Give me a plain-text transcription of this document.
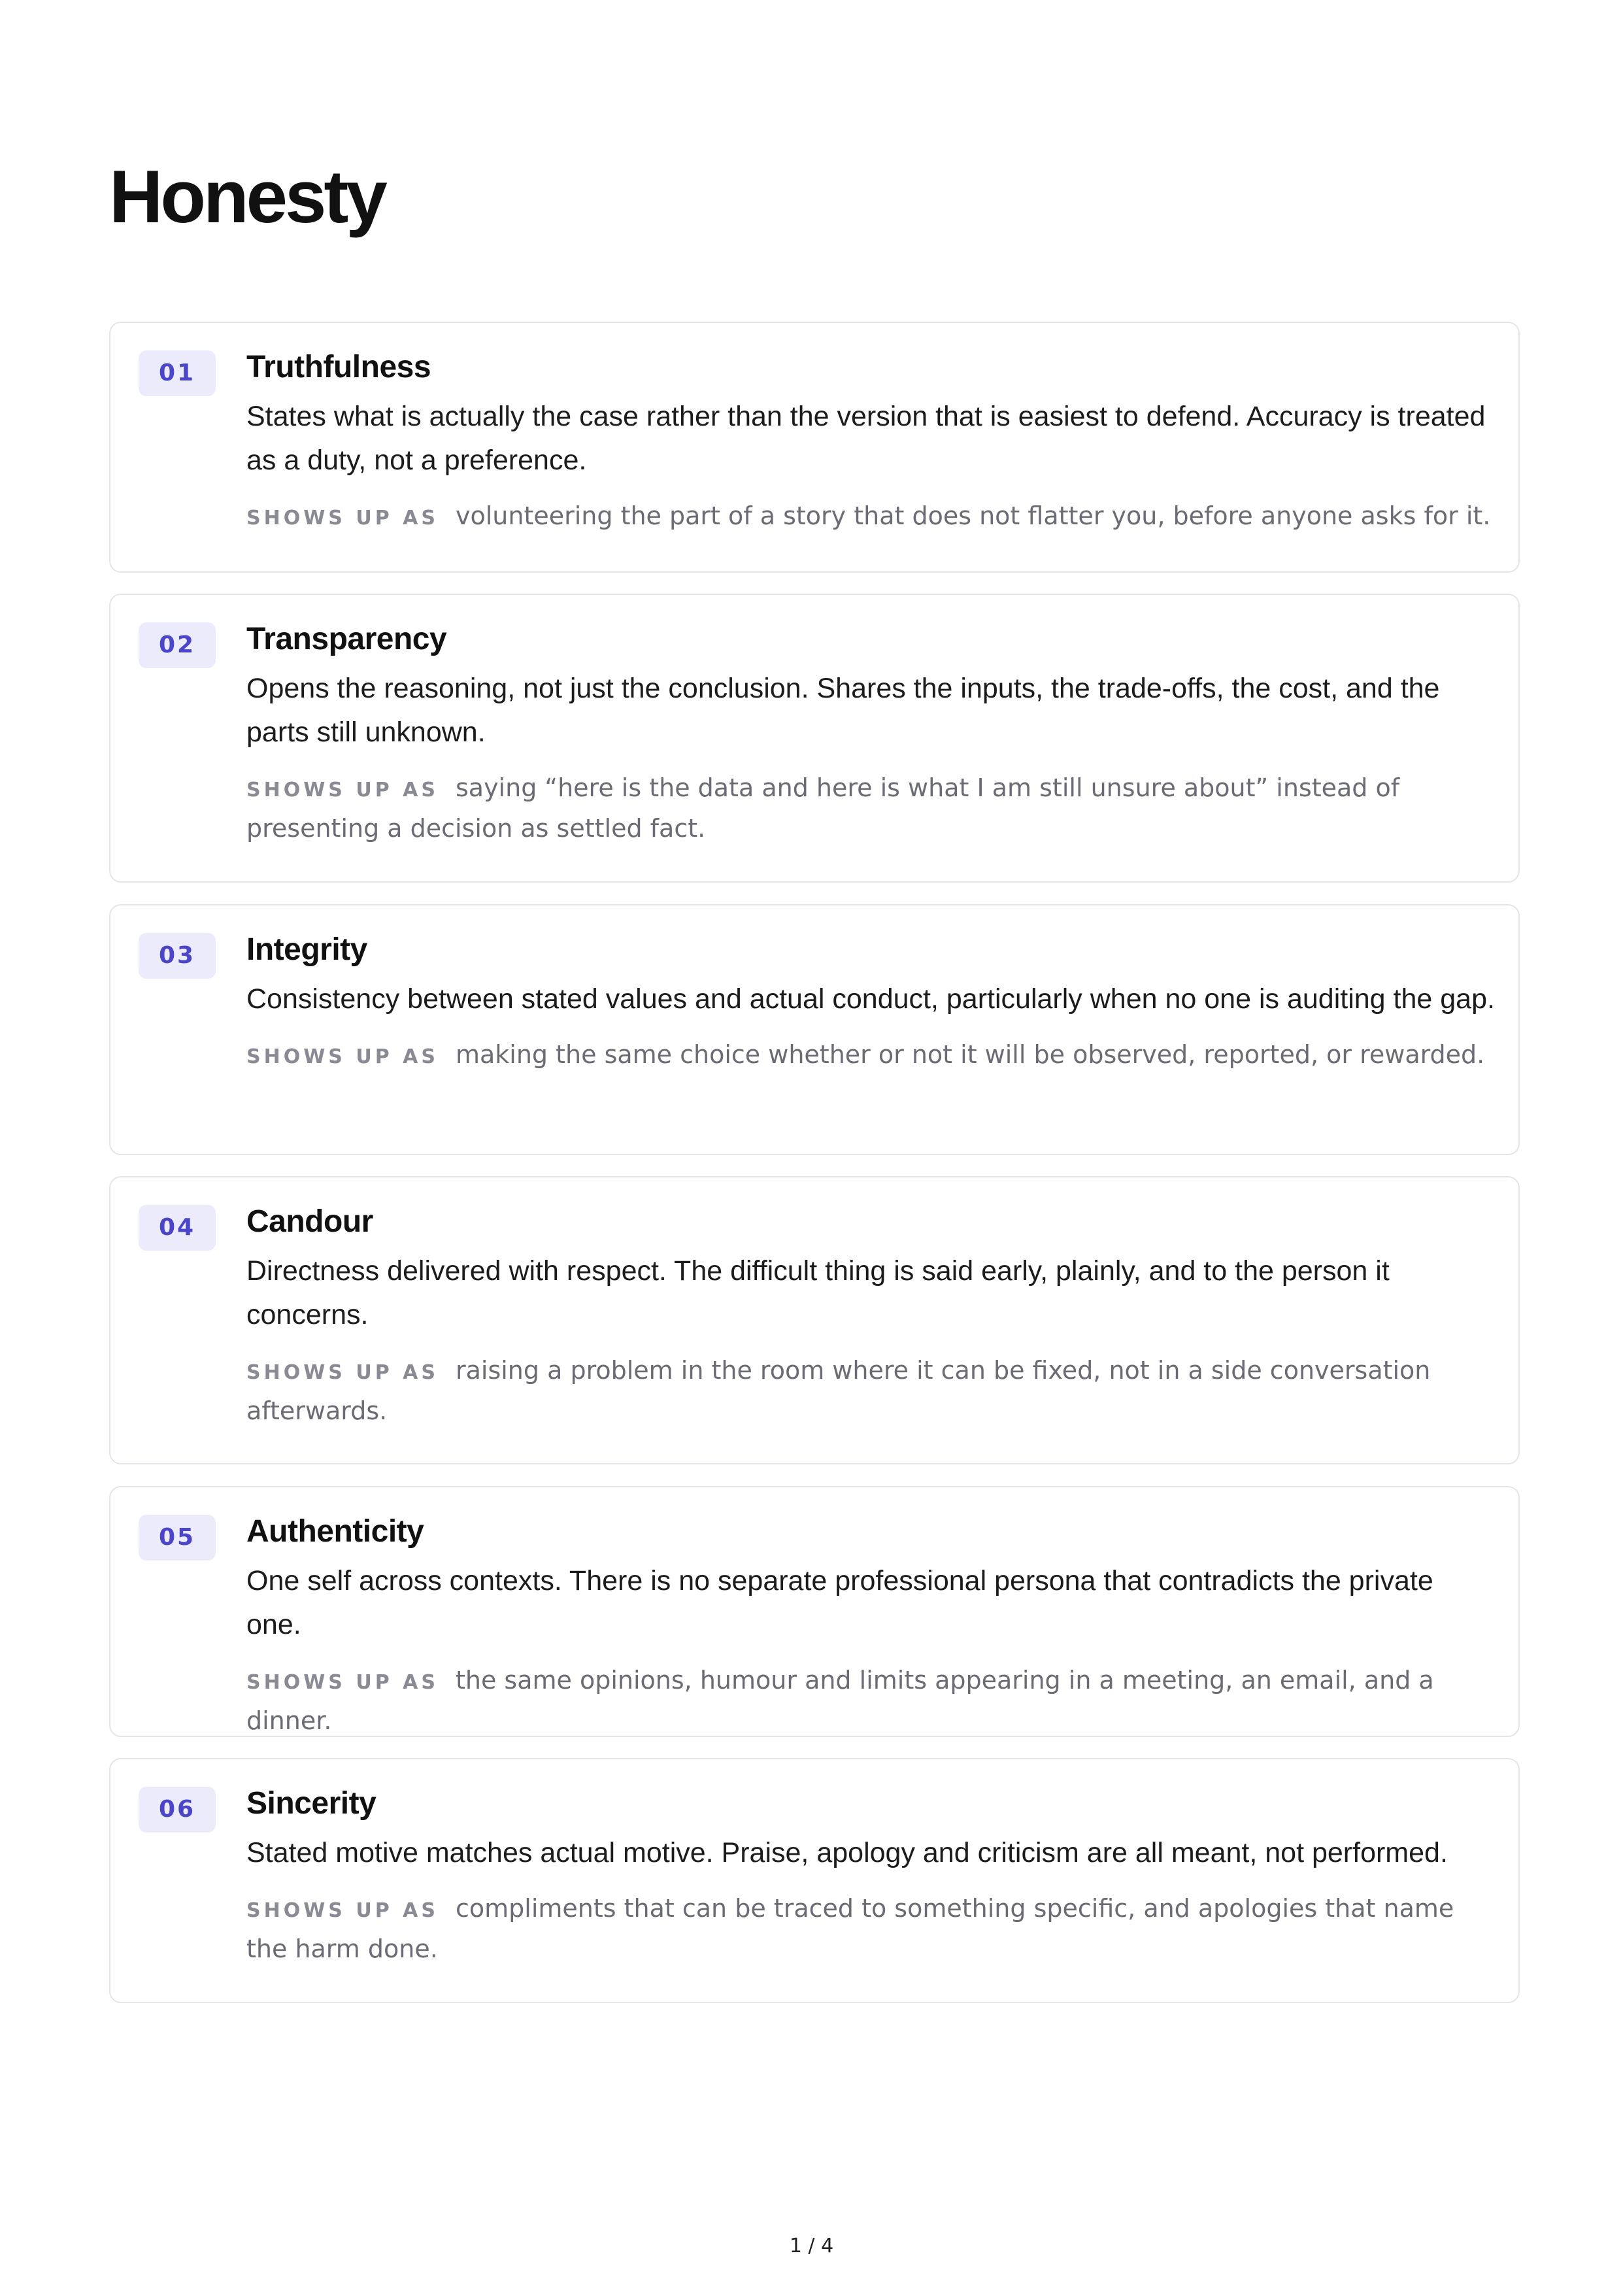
Honesty
01	Truthfulness

States what is actually the case rather than the version that is easiest to defend. Accuracy is treated as a duty, not a preference.

SHOWS UP AS volunteering the part of a story that does not flatter you, before anyone asks for it.

02	Transparency

Opens the reasoning, not just the conclusion. Shares the inputs, the trade-offs, the cost, and the parts still unknown.

SHOWS UP AS saying “here is the data and here is what I am still unsure about” instead of presenting a decision as settled fact.

03	Integrity

Consistency between stated values and actual conduct, particularly when no one is auditing the gap.

SHOWS UP AS making the same choice whether or not it will be observed, reported, or rewarded.

04	Candour

Directness delivered with respect. The difficult thing is said early, plainly, and to the person it concerns.

SHOWS UP AS raising a problem in the room where it can be fixed, not in a side conversation afterwards.

05	Authenticity

One self across contexts. There is no separate professional persona that contradicts the private one.

SHOWS UP AS the same opinions, humour and limits appearing in a meeting, an email, and a dinner.

06	Sincerity

Stated motive matches actual motive. Praise, apology and criticism are all meant, not performed.

SHOWS UP AS compliments that can be traced to something specific, and apologies that name the harm done.

1 / 4
